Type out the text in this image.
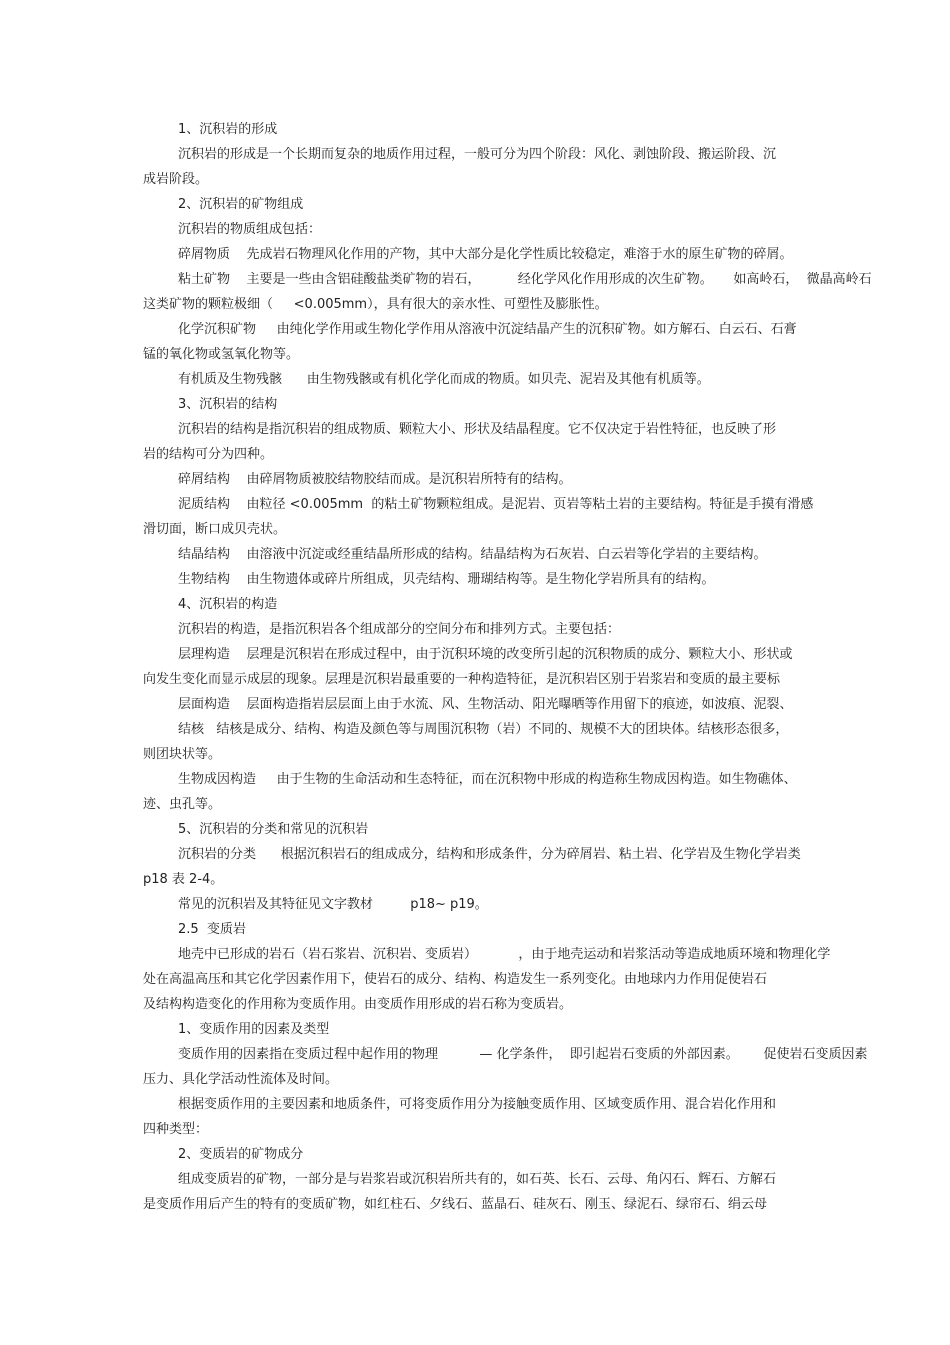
1、沉积岩的形成
沉积岩的形成是一个长期而复杂的地质作用过程，一般可分为四个阶段：风化、剥蚀阶段、搬运阶段、沉
成岩阶段。
2、沉积岩的矿物组成
沉积岩的物质组成包括：
碎屑物质    先成岩石物理风化作用的产物，其中大部分是化学性质比较稳定，难溶于水的原生矿物的碎屑。
粘土矿物    主要是一些由含铝硅酸盐类矿物的岩石，         经化学风化作用形成的次生矿物。     如高岭石，  微晶高岭石
这类矿物的颗粒极细（     <0.005mm），具有很大的亲水性、可塑性及膨胀性。
化学沉积矿物     由纯化学作用或生物化学作用从溶液中沉淀结晶产生的沉积矿物。如方解石、白云石、石膏
锰的氧化物或氢氧化物等。
有机质及生物残骸      由生物残骸或有机化学化而成的物质。如贝壳、泥岩及其他有机质等。
3、沉积岩的结构
沉积岩的结构是指沉积岩的组成物质、颗粒大小、形状及结晶程度。它不仅决定于岩性特征，也反映了形
岩的结构可分为四种。
碎屑结构    由碎屑物质被胶结物胶结而成。是沉积岩所特有的结构。
泥质结构    由粒径 <0.005mm  的粘土矿物颗粒组成。是泥岩、页岩等粘土岩的主要结构。特征是手摸有滑感
滑切面，断口成贝壳状。
结晶结构    由溶液中沉淀或经重结晶所形成的结构。结晶结构为石灰岩、白云岩等化学岩的主要结构。
生物结构    由生物遗体或碎片所组成，贝壳结构、珊瑚结构等。是生物化学岩所具有的结构。
4、沉积岩的构造
沉积岩的构造，是指沉积岩各个组成部分的空间分布和排列方式。主要包括：
层理构造    层理是沉积岩在形成过程中，由于沉积环境的改变所引起的沉积物质的成分、颗粒大小、形状或
向发生变化而显示成层的现象。层理是沉积岩最重要的一种构造特征，是沉积岩区别于岩浆岩和变质的最主要标
层面构造    层面构造指岩层层面上由于水流、风、生物活动、阳光曝晒等作用留下的痕迹，如波痕、泥裂、
结核   结核是成分、结构、构造及颜色等与周围沉积物（岩）不同的、规模不大的团块体。结核形态很多，
则团块状等。
生物成因构造     由于生物的生命活动和生态特征，而在沉积物中形成的构造称生物成因构造。如生物礁体、
迹、虫孔等。
5、沉积岩的分类和常见的沉积岩
沉积岩的分类      根据沉积岩石的组成成分，结构和形成条件，分为碎屑岩、粘土岩、化学岩及生物化学岩类
p18 表 2-4。
常见的沉积岩及其特征见文字教材         p18~ p19。
2.5  变质岩
地壳中已形成的岩石（岩石浆岩、沉积岩、变质岩）          ，由于地壳运动和岩浆活动等造成地质环境和物理化学
处在高温高压和其它化学因素作用下，使岩石的成分、结构、构造发生一系列变化。由地球内力作用促使岩石
及结构构造变化的作用称为变质作用。由变质作用形成的岩石称为变质岩。
1、变质作用的因素及类型
变质作用的因素指在变质过程中起作用的物理          — 化学条件，  即引起岩石变质的外部因素。      促使岩石变质因素
压力、具化学活动性流体及时间。
根据变质作用的主要因素和地质条件，可将变质作用分为接触变质作用、区域变质作用、混合岩化作用和
四种类型：
2、变质岩的矿物成分
组成变质岩的矿物，一部分是与岩浆岩或沉积岩所共有的，如石英、长石、云母、角闪石、辉石、方解石
是变质作用后产生的特有的变质矿物，如红柱石、夕线石、蓝晶石、硅灰石、刚玉、绿泥石、绿帘石、绢云母
